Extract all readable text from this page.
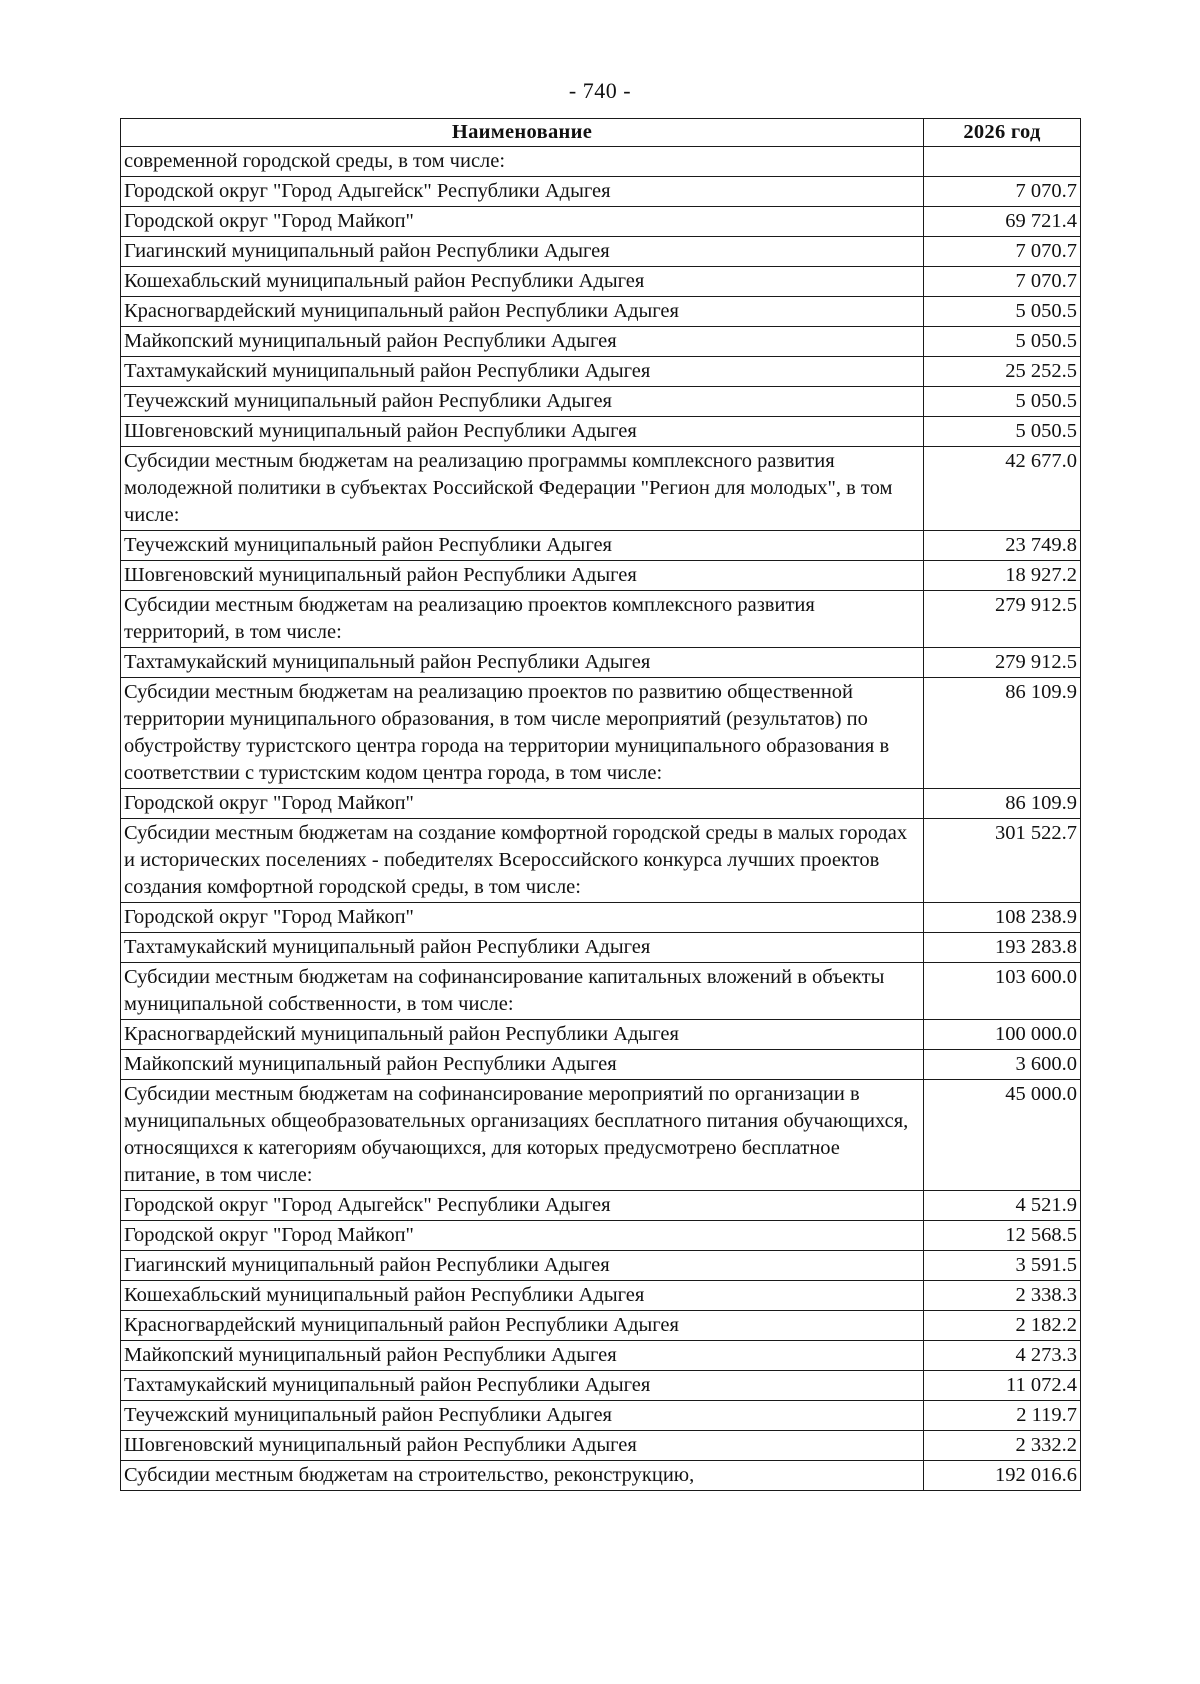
- 740 -
Наименование	2026 год
современной городской среды, в том числе:	
Городской округ "Город Адыгейск" Республики Адыгея	7 070.7
Городской округ "Город Майкоп"	69 721.4
Гиагинский муниципальный район Республики Адыгея	7 070.7
Кошехабльский муниципальный район Республики Адыгея	7 070.7
Красногвардейский муниципальный район Республики Адыгея	5 050.5
Майкопский муниципальный район Республики Адыгея	5 050.5
Тахтамукайский муниципальный район Республики Адыгея	25 252.5
Теучежский муниципальный район Республики Адыгея	5 050.5
Шовгеновский муниципальный район Республики Адыгея	5 050.5
Субсидии местным бюджетам на реализацию программы комплексного развития молодежной политики в субъектах Российской Федерации "Регион для молодых", в том числе:	42 677.0
Теучежский муниципальный район Республики Адыгея	23 749.8
Шовгеновский муниципальный район Республики Адыгея	18 927.2
Субсидии местным бюджетам на реализацию проектов комплексного развития территорий, в том числе:	279 912.5
Тахтамукайский муниципальный район Республики Адыгея	279 912.5
Субсидии местным бюджетам на реализацию проектов по развитию общественной территории муниципального образования, в том числе мероприятий (результатов) по обустройству туристского центра города на территории муниципального образования в соответствии с туристским кодом центра города, в том числе:	86 109.9
Городской округ "Город Майкоп"	86 109.9
Субсидии местным бюджетам на создание комфортной городской среды в малых городах и исторических поселениях - победителях Всероссийского конкурса лучших проектов создания комфортной городской среды, в том числе:	301 522.7
Городской округ "Город Майкоп"	108 238.9
Тахтамукайский муниципальный район Республики Адыгея	193 283.8
Субсидии местным бюджетам на софинансирование капитальных вложений в объекты муниципальной собственности, в том числе:	103 600.0
Красногвардейский муниципальный район Республики Адыгея	100 000.0
Майкопский муниципальный район Республики Адыгея	3 600.0
Субсидии местным бюджетам на софинансирование мероприятий по организации в муниципальных общеобразовательных организациях бесплатного питания обучающихся, относящихся к категориям обучающихся, для которых предусмотрено бесплатное питание, в том числе:	45 000.0
Городской округ "Город Адыгейск" Республики Адыгея	4 521.9
Городской округ "Город Майкоп"	12 568.5
Гиагинский муниципальный район Республики Адыгея	3 591.5
Кошехабльский муниципальный район Республики Адыгея	2 338.3
Красногвардейский муниципальный район Республики Адыгея	2 182.2
Майкопский муниципальный район Республики Адыгея	4 273.3
Тахтамукайский муниципальный район Республики Адыгея	11 072.4
Теучежский муниципальный район Республики Адыгея	2 119.7
Шовгеновский муниципальный район Республики Адыгея	2 332.2
Субсидии местным бюджетам на строительство, реконструкцию,	192 016.6
